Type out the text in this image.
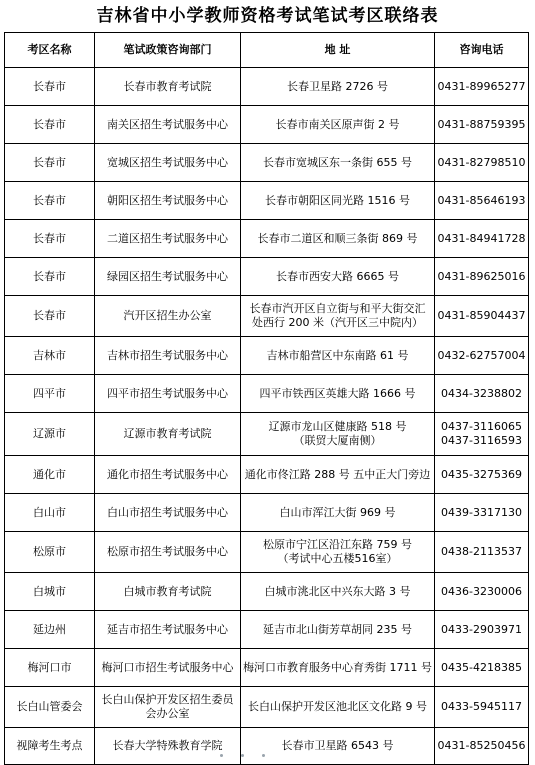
吉林省中小学教师资格考试笔试考区联络表
考区名称	笔试政策咨询部门	地 址	咨询电话
长春市	长春市教育考试院	长春卫星路 2726 号	0431-89965277

长春市	南关区招生考试服务中心	长春市南关区原声街 2 号	0431-88759395

长春市	宽城区招生考试服务中心	长春市宽城区东一条街 655 号	0431-82798510

长春市	朝阳区招生考试服务中心	长春市朝阳区同光路 1516 号	0431-85646193

长春市	二道区招生考试服务中心	长春市二道区和顺三条街 869 号	0431-84941728

长春市	绿园区招生考试服务中心	长春市西安大路 6665 号	0431-89625016

长春市	汽开区招生办公室	长春市汽开区自立街与和平大街交汇
处西行 200 米（汽开区三中院内）	0431-85904437

吉林市	吉林市招生考试服务中心	吉林市船营区中东南路 61 号	0432-62757004

四平市	四平市招生考试服务中心	四平市铁西区英雄大路 1666 号	0434-3238802

辽源市	辽源市教育考试院	辽源市龙山区健康路 518 号
（联贸大厦南侧）	0437-3116065
0437-3116593

通化市	通化市招生考试服务中心	通化市佟江路 288 号 五中正大门旁边	0435-3275369

白山市	白山市招生考试服务中心	白山市浑江大街 969 号	0439-3317130

松原市	松原市招生考试服务中心	松原市宁江区沿江东路 759 号
（考试中心五楼516室）	0438-2113537

白城市	白城市教育考试院	白城市洮北区中兴东大路 3 号	0436-3230006

延边州	延吉市招生考试服务中心	延吉市北山街芳草胡同 235 号	0433-2903971

梅河口市	梅河口市招生考试服务中心	梅河口市教育服务中心育秀街 1711 号	0435-4218385

长白山管委会	长白山保护开发区招生委员
会办公室	长白山保护开发区池北区文化路 9 号	0433-5945117

视障考生考点	长春大学特殊教育学院	长春市卫星路 6543 号	0431-85250456
